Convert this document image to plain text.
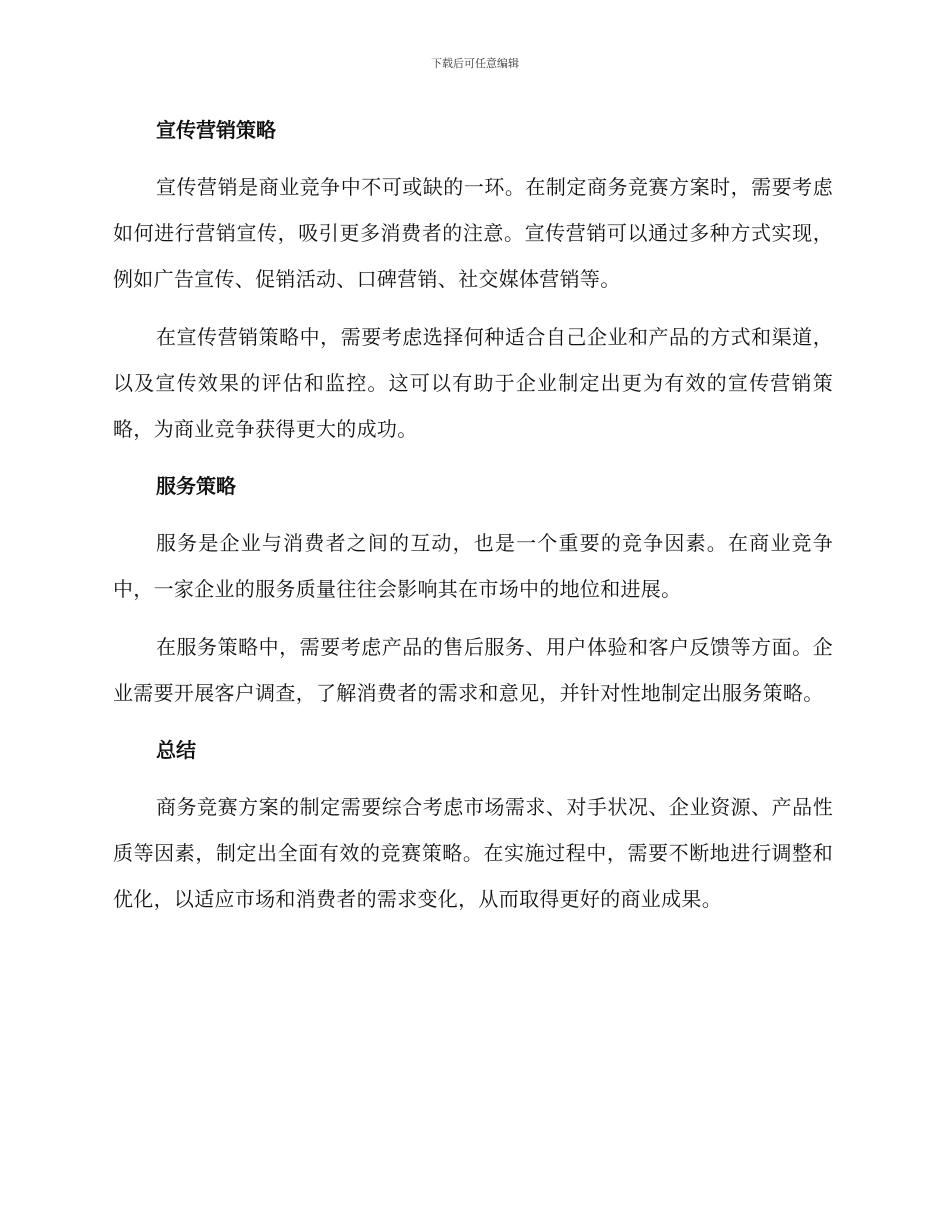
下载后可任意编辑
宣传营销策略

宣传营销是商业竞争中不可或缺的一环。在制定商务竞赛方案时，需要考虑如何进行营销宣传，吸引更多消费者的注意。宣传营销可以通过多种方式实现，例如广告宣传、促销活动、口碑营销、社交媒体营销等。

在宣传营销策略中，需要考虑选择何种适合自己企业和产品的方式和渠道，以及宣传效果的评估和监控。这可以有助于企业制定出更为有效的宣传营销策略，为商业竞争获得更大的成功。

服务策略

服务是企业与消费者之间的互动，也是一个重要的竞争因素。在商业竞争中，一家企业的服务质量往往会影响其在市场中的地位和进展。

在服务策略中，需要考虑产品的售后服务、用户体验和客户反馈等方面。企业需要开展客户调查，了解消费者的需求和意见，并针对性地制定出服务策略。

总结

商务竞赛方案的制定需要综合考虑市场需求、对手状况、企业资源、产品性质等因素，制定出全面有效的竞赛策略。在实施过程中，需要不断地进行调整和优化，以适应市场和消费者的需求变化，从而取得更好的商业成果。
